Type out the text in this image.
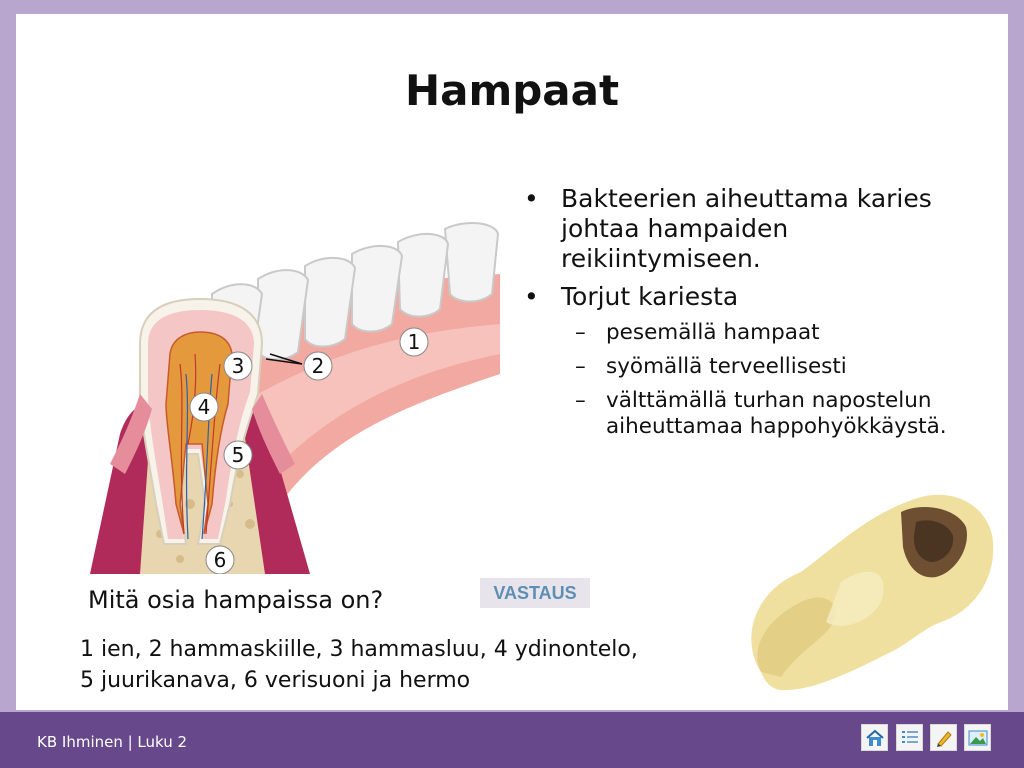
Hampaat
1
2
3
4
5
6
• Bakteerien aiheuttama karies johtaa hampaiden reikiintymiseen.
• Torjut kariesta
– pesemällä hampaat
– syömällä terveellisesti
– välttämällä turhan napostelun aiheuttamaa happohyökkäystä.
Mitä osia hampaissa on?	VASTAUS
1 ien, 2 hammaskiille, 3 hammasluu, 4 ydinontelo,
5 juurikanava, 6 verisuoni ja hermo
KB Ihminen | Luku 2
